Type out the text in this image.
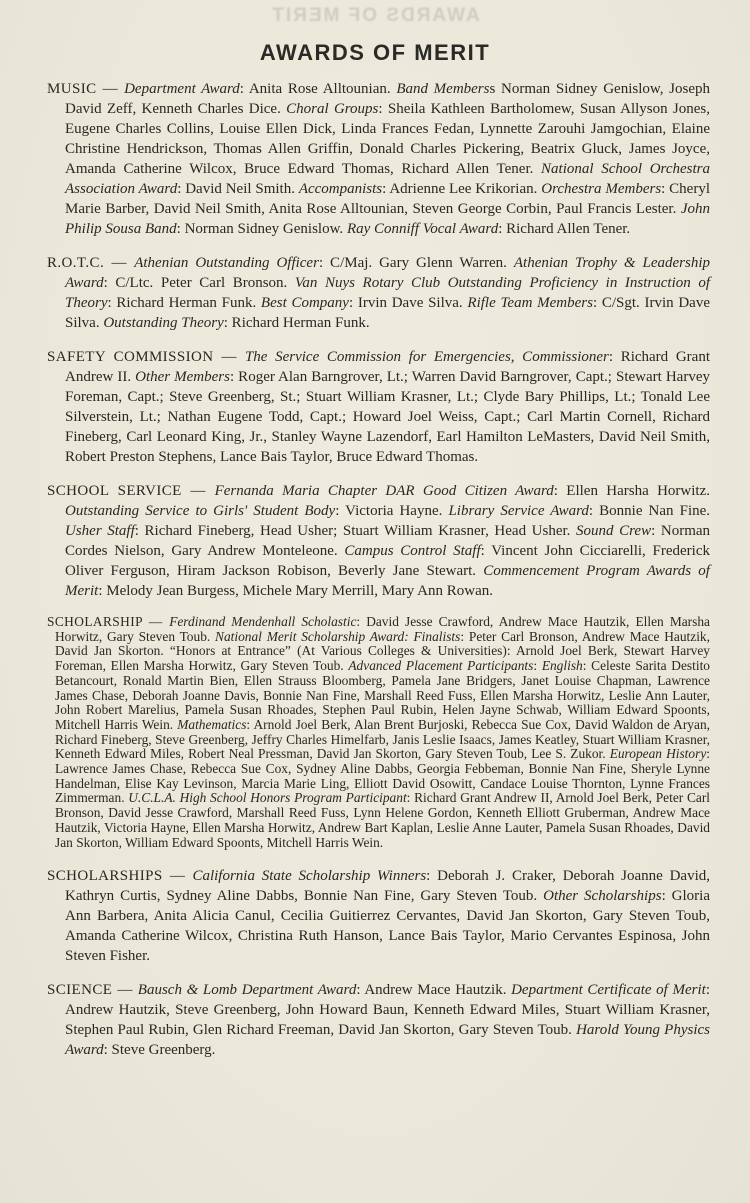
AWARDS OF MERIT
AWARDS OF MERIT

MUSIC — Department Award: Anita Rose Alltounian. Band Memberss Norman Sidney Genislow, Joseph David Zeff, Kenneth Charles Dice. Choral Groups: Sheila Kathleen Bartholomew, Susan Allyson Jones, Eugene Charles Collins, Louise Ellen Dick, Linda Frances Fedan, Lynnette Zarouhi Jamgochian, Elaine Christine Hendrickson, Thomas Allen Griffin, Donald Charles Pickering, Beatrix Gluck, James Joyce, Amanda Catherine Wilcox, Bruce Edward Thomas, Richard Allen Tener. National School Orchestra Association Award: David Neil Smith. Accompanists: Adrienne Lee Krikorian. Orchestra Members: Cheryl Marie Barber, David Neil Smith, Anita Rose Alltounian, Steven George Corbin, Paul Francis Lester. John Philip Sousa Band: Norman Sidney Genislow. Ray Conniff Vocal Award: Richard Allen Tener.

R.O.T.C. — Athenian Outstanding Officer: C/Maj. Gary Glenn Warren. Athenian Trophy & Leadership Award: C/Ltc. Peter Carl Bronson. Van Nuys Rotary Club Outstanding Proficiency in Instruction of Theory: Richard Herman Funk. Best Company: Irvin Dave Silva. Rifle Team Members: C/Sgt. Irvin Dave Silva. Outstanding Theory: Richard Herman Funk.

SAFETY COMMISSION — The Service Commission for Emergencies, Commissioner: Richard Grant Andrew II. Other Members: Roger Alan Barngrover, Lt.; Warren David Barngrover, Capt.; Stewart Harvey Foreman, Capt.; Steve Greenberg, St.; Stuart William Krasner, Lt.; Clyde Bary Phillips, Lt.; Tonald Lee Silverstein, Lt.; Nathan Eugene Todd, Capt.; Howard Joel Weiss, Capt.; Carl Martin Cornell, Richard Fineberg, Carl Leonard King, Jr., Stanley Wayne Lazendorf, Earl Hamilton LeMasters, David Neil Smith, Robert Preston Stephens, Lance Bais Taylor, Bruce Edward Thomas.

SCHOOL SERVICE — Fernanda Maria Chapter DAR Good Citizen Award: Ellen Harsha Horwitz. Outstanding Service to Girls' Student Body: Victoria Hayne. Library Service Award: Bonnie Nan Fine. Usher Staff: Richard Fineberg, Head Usher; Stuart William Krasner, Head Usher. Sound Crew: Norman Cordes Nielson, Gary Andrew Monteleone. Campus Control Staff: Vincent John Cicciarelli, Frederick Oliver Ferguson, Hiram Jackson Robison, Beverly Jane Stewart. Commencement Program Awards of Merit: Melody Jean Burgess, Michele Mary Merrill, Mary Ann Rowan.

SCHOLARSHIP — Ferdinand Mendenhall Scholastic: David Jesse Crawford, Andrew Mace Hautzik, Ellen Marsha Horwitz, Gary Steven Toub. National Merit Scholarship Award: Finalists: Peter Carl Bronson, Andrew Mace Hautzik, David Jan Skorton. “Honors at Entrance” (At Various Colleges & Universities): Arnold Joel Berk, Stewart Harvey Foreman, Ellen Marsha Horwitz, Gary Steven Toub. Advanced Placement Participants: English: Celeste Sarita Destito Betancourt, Ronald Martin Bien, Ellen Strauss Bloomberg, Pamela Jane Bridgers, Janet Louise Chapman, Lawrence James Chase, Deborah Joanne Davis, Bonnie Nan Fine, Marshall Reed Fuss, Ellen Marsha Horwitz, Leslie Ann Lauter, John Robert Marelius, Pamela Susan Rhoades, Stephen Paul Rubin, Helen Jayne Schwab, William Edward Spoonts, Mitchell Harris Wein. Mathematics: Arnold Joel Berk, Alan Brent Burjoski, Rebecca Sue Cox, David Waldon de Aryan, Richard Fineberg, Steve Greenberg, Jeffry Charles Himelfarb, Janis Leslie Isaacs, James Keatley, Stuart William Krasner, Kenneth Edward Miles, Robert Neal Pressman, David Jan Skorton, Gary Steven Toub, Lee S. Zukor. European History: Lawrence James Chase, Rebecca Sue Cox, Sydney Aline Dabbs, Georgia Febbeman, Bonnie Nan Fine, Sheryle Lynne Handelman, Elise Kay Levinson, Marcia Marie Ling, Elliott David Osowitt, Candace Louise Thornton, Lynne Frances Zimmerman. U.C.L.A. High School Honors Program Participant: Richard Grant Andrew II, Arnold Joel Berk, Peter Carl Bronson, David Jesse Crawford, Marshall Reed Fuss, Lynn Helene Gordon, Kenneth Elliott Gruberman, Andrew Mace Hautzik, Victoria Hayne, Ellen Marsha Horwitz, Andrew Bart Kaplan, Leslie Anne Lauter, Pamela Susan Rhoades, David Jan Skorton, William Edward Spoonts, Mitchell Harris Wein.

SCHOLARSHIPS — California State Scholarship Winners: Deborah J. Craker, Deborah Joanne David, Kathryn Curtis, Sydney Aline Dabbs, Bonnie Nan Fine, Gary Steven Toub. Other Scholarships: Gloria Ann Barbera, Anita Alicia Canul, Cecilia Guitierrez Cervantes, David Jan Skorton, Gary Steven Toub, Amanda Catherine Wilcox, Christina Ruth Hanson, Lance Bais Taylor, Mario Cervantes Espinosa, John Steven Fisher.

SCIENCE — Bausch & Lomb Department Award: Andrew Mace Hautzik. Department Certificate of Merit: Andrew Hautzik, Steve Greenberg, John Howard Baun, Kenneth Edward Miles, Stuart William Krasner, Stephen Paul Rubin, Glen Richard Freeman, David Jan Skorton, Gary Steven Toub. Harold Young Physics Award: Steve Greenberg.
